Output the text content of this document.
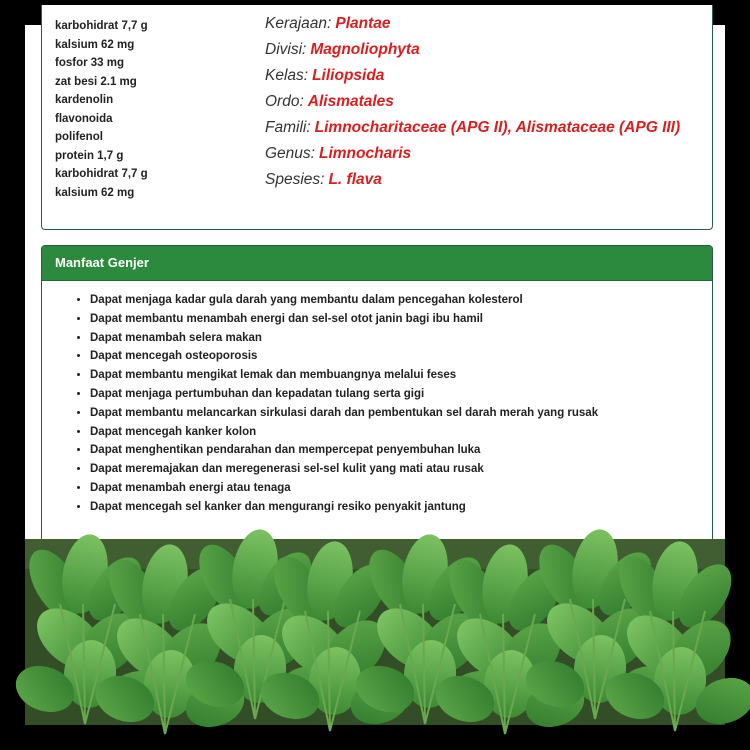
karbohidrat 7,7 g
kalsium 62 mg
fosfor 33 mg
zat besi 2.1 mg
kardenolin
flavonoida
polifenol
protein 1,7 g
karbohidrat 7,7 g
kalsium 62 mg
Kerajaan: Plantae
Divisi: Magnoliophyta
Kelas: Liliopsida
Ordo: Alismatales
Famili: Limnocharitaceae (APG II), Alismataceae (APG III)
Genus: Limnocharis
Spesies: L. flava
Manfaat Genjer
• Dapat menjaga kadar gula darah yang membantu dalam pencegahan kolesterol
• Dapat membantu menambah energi dan sel-sel otot janin bagi ibu hamil
• Dapat menambah selera makan
• Dapat mencegah osteoporosis
• Dapat membantu mengikat lemak dan membuangnya melalui feses
• Dapat menjaga pertumbuhan dan kepadatan tulang serta gigi
• Dapat membantu melancarkan sirkulasi darah dan pembentukan sel darah merah yang rusak
• Dapat mencegah kanker kolon
• Dapat menghentikan pendarahan dan mempercepat penyembuhan luka
• Dapat meremajakan dan meregenerasi sel-sel kulit yang mati atau rusak
• Dapat menambah energi atau tenaga
• Dapat mencegah sel kanker dan mengurangi resiko penyakit jantung
